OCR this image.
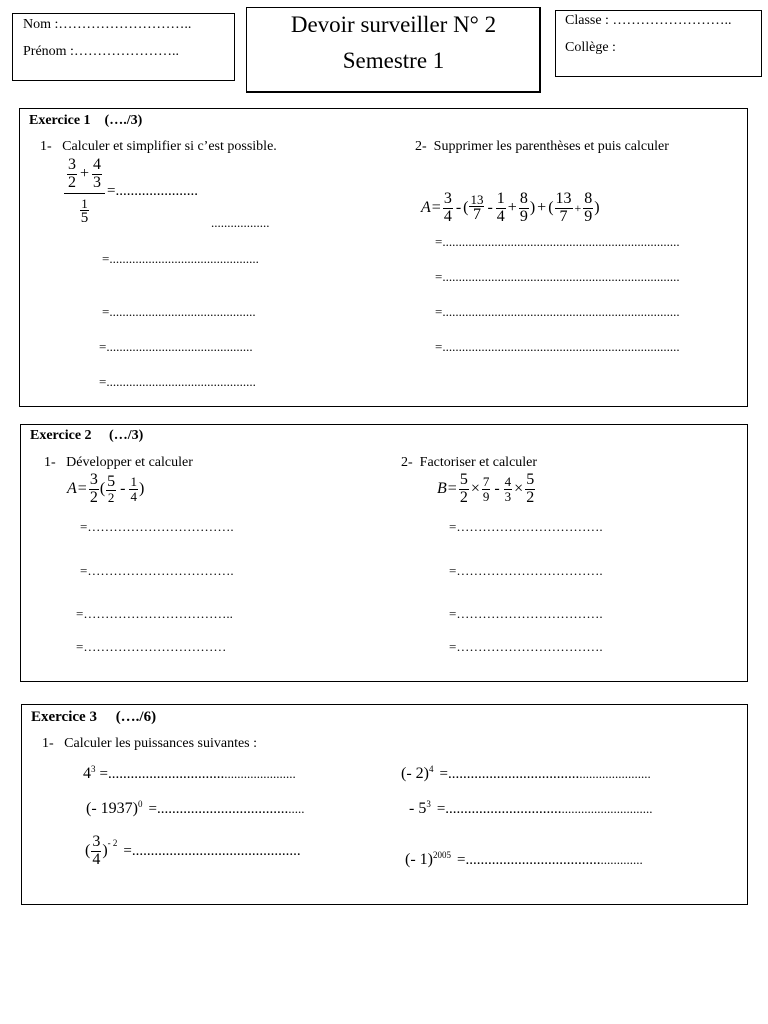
Nom :………………………..
Prénom :…………………..
Devoir surveiller N° 2
Semestre 1
Classe : ……………………..
Collège :
Exercice 1    (…./3)
1-   Calculer et simplifier si c’est possible.	2-  Supprimer les parenthèses et puis calculer
$\frac{3}{2} + \frac{4}{3}$
$\frac{1}{5}$
=......................
..................
=..............................................
=.............................................
=.............................................
=..............................................
$A = \frac{3}{4}$ - ( $\frac{13}{7} - \frac{1}{4} + \frac{8}{9}$ ) + ( $\frac{13}{7} + \frac{8}{9}$ )
=.........................................................................
=.........................................................................
=.........................................................................
=.........................................................................
Exercice 2     (…/3)
1-   Développer et calculer	2-  Factoriser et calculer
$A = \frac{3}{2}$ ( $\frac{5}{2} - \frac{1}{4}$ )	$B = \frac{5}{2} \times \frac{7}{9} - \frac{4}{3} \times \frac{5}{2}$
=…………………………….
=…………………………….
=……………………………..
=……………………………
=…………………………….
=…………………………….
=…………………………….
=…………………………….
Exercice 3     (…./6)
1-   Calculer les puissances suivantes :
$4^3$ =............................... ......................
(- 1937)$^0$ =................................... .....
( $\frac{3}{4} )^{- 2}$ =.............................................
(- 2)$^4$ =................................... ......................
- $5^3$ =............................... ............................
(- 1)$^{2005}$ =.................................... .............
